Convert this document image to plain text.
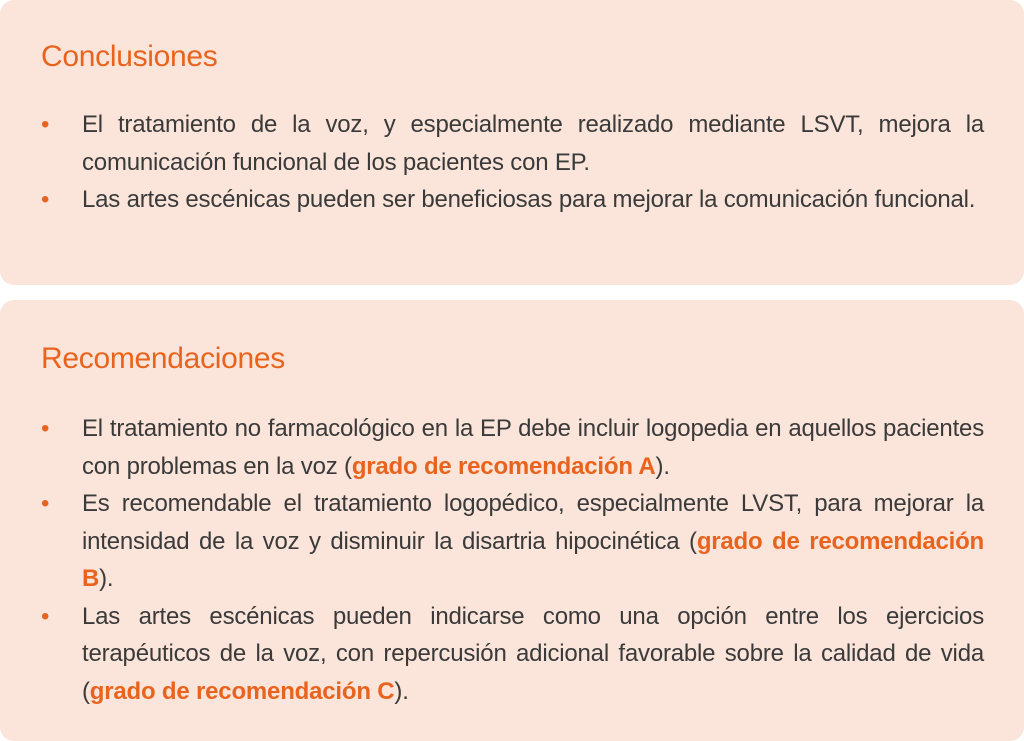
Conclusiones
• El tratamiento de la voz, y especialmente realizado mediante LSVT, mejora la comunicación funcional de los pacientes con EP.
• Las artes escénicas pueden ser beneficiosas para mejorar la comunicación funcional.
Recomendaciones
• El tratamiento no farmacológico en la EP debe incluir logopedia en aquellos pacientes con problemas en la voz (grado de recomendación A).
• Es recomendable el tratamiento logopédico, especialmente LVST, para mejorar la intensidad de la voz y disminuir la disartria hipocinética (grado de recomendación B).
• Las artes escénicas pueden indicarse como una opción entre los ejercicios terapéuticos de la voz, con repercusión adicional favorable sobre la calidad de vida (grado de recomendación C).
